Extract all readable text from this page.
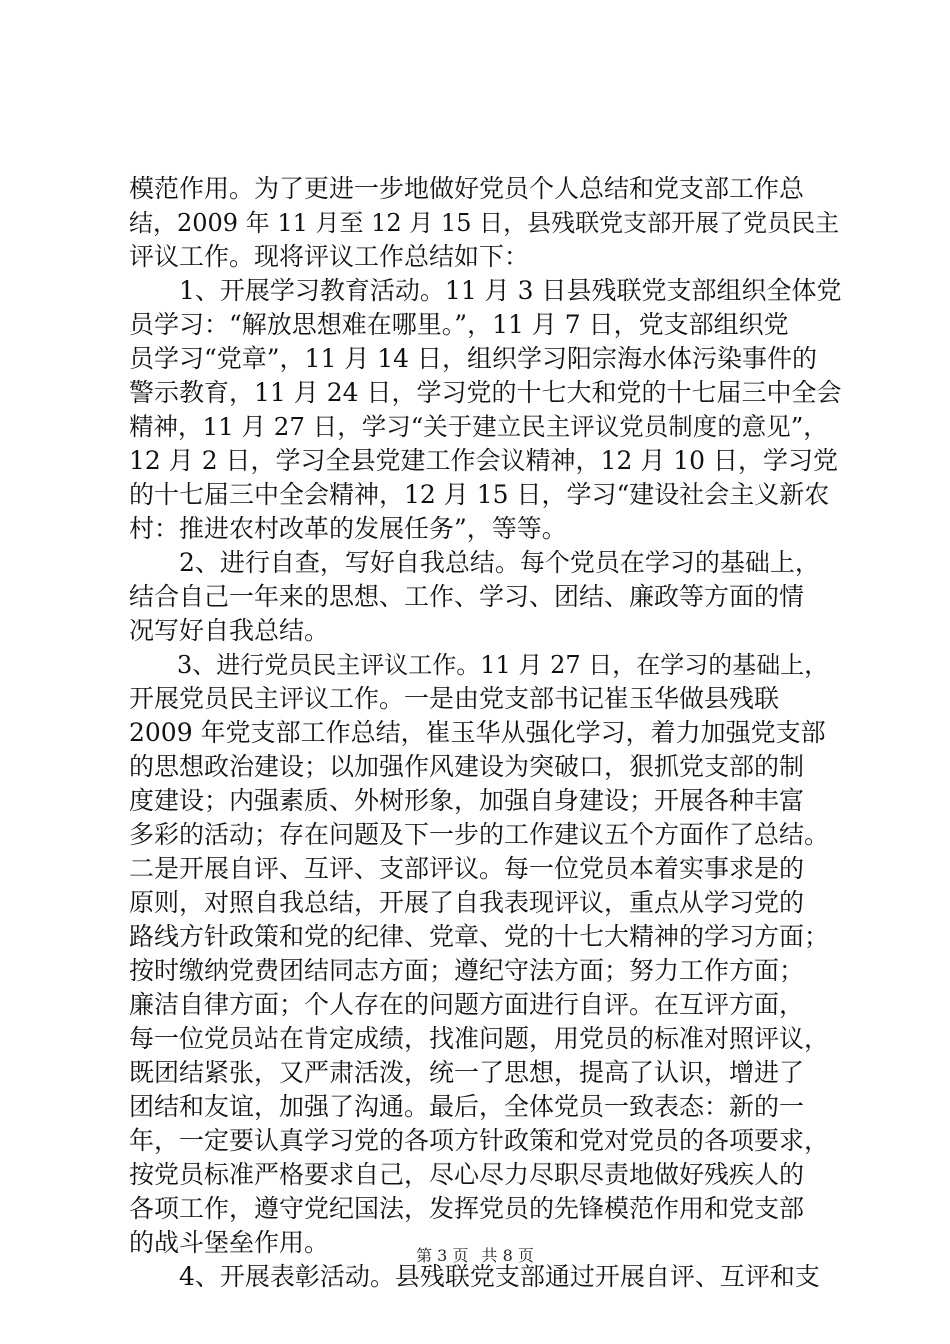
模范作用。为了更进一步地做好党员个人总结和党支部工作总
结，2009 年 11 月至 12 月 15 日，县残联党支部开展了党员民主
评议工作。现将评议工作总结如下：
　　1、开展学习教育活动。11 月 3 日县残联党支部组织全体党
员学习：“解放思想难在哪里。”，11 月 7 日，党支部组织党
员学习“党章”，11 月 14 日，组织学习阳宗海水体污染事件的
警示教育，11 月 24 日，学习党的十七大和党的十七届三中全会
精神，11 月 27 日，学习“关于建立民主评议党员制度的意见”，
12 月 2 日，学习全县党建工作会议精神，12 月 10 日，学习党
的十七届三中全会精神，12 月 15 日，学习“建设社会主义新农
村：推进农村改革的发展任务”，等等。
　　2、进行自查，写好自我总结。每个党员在学习的基础上，
结合自己一年来的思想、工作、学习、团结、廉政等方面的情
况写好自我总结。
　　3、进行党员民主评议工作。11 月 27 日，在学习的基础上，
开展党员民主评议工作。一是由党支部书记崔玉华做县残联
2009 年党支部工作总结，崔玉华从强化学习，着力加强党支部
的思想政治建设；以加强作风建设为突破口，狠抓党支部的制
度建设；内强素质、外树形象，加强自身建设；开展各种丰富
多彩的活动；存在问题及下一步的工作建议五个方面作了总结。
二是开展自评、互评、支部评议。每一位党员本着实事求是的
原则，对照自我总结，开展了自我表现评议，重点从学习党的
路线方针政策和党的纪律、党章、党的十七大精神的学习方面；
按时缴纳党费团结同志方面；遵纪守法方面；努力工作方面；
廉洁自律方面；个人存在的问题方面进行自评。在互评方面，
每一位党员站在肯定成绩，找准问题，用党员的标准对照评议，
既团结紧张，又严肃活泼，统一了思想，提高了认识，增进了
团结和友谊，加强了沟通。最后，全体党员一致表态：新的一
年，一定要认真学习党的各项方针政策和党对党员的各项要求，
按党员标准严格要求自己，尽心尽力尽职尽责地做好残疾人的
各项工作，遵守党纪国法，发挥党员的先锋模范作用和党支部
的战斗堡垒作用。
　　4、开展表彰活动。县残联党支部通过开展自评、互评和支
第 3 页 共 8 页
